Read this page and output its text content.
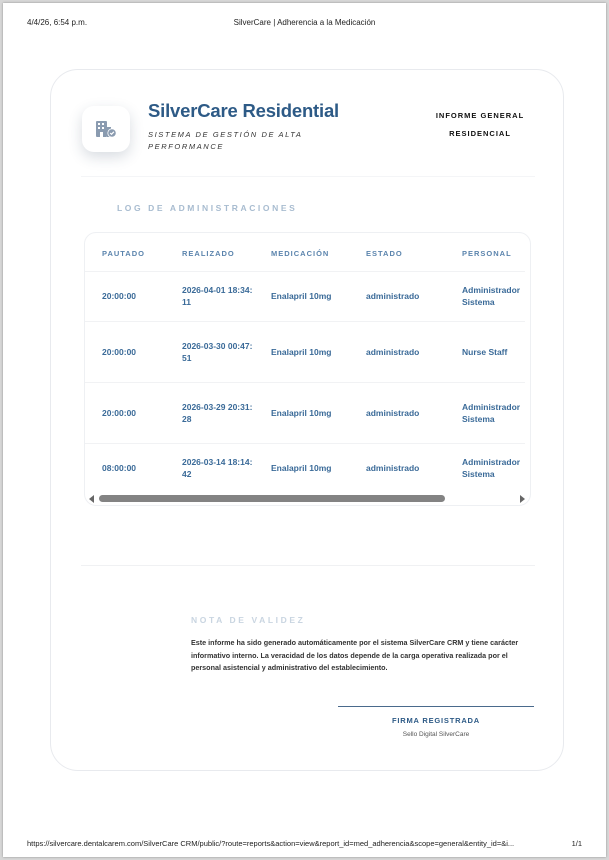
4/4/26, 6:54 p.m.	SilverCare | Adherencia a la Medicación
SilverCare Residential
SISTEMA DE GESTIÓN DE ALTA PERFORMANCE
INFORME GENERAL RESIDENCIAL
LOG DE ADMINISTRACIONES
PAUTADO	REALIZADO	MEDICACIÓN	ESTADO	PERSONAL
20:00:00	2026-04-01 18:34:11	Enalapril 10mg	administrado	Administrador Sistema
20:00:00	2026-03-30 00:47:51	Enalapril 10mg	administrado	Nurse Staff
20:00:00	2026-03-29 20:31:28	Enalapril 10mg	administrado	Administrador Sistema
08:00:00	2026-03-14 18:14:42	Enalapril 10mg	administrado	Administrador Sistema
NOTA DE VALIDEZ
Este informe ha sido generado automáticamente por el sistema SilverCare CRM y tiene carácter informativo interno. La veracidad de los datos depende de la carga operativa realizada por el personal asistencial y administrativo del establecimiento.
FIRMA REGISTRADA
Sello Digital SilverCare
https://silvercare.dentalcarem.com/SilverCare CRM/public/?route=reports&action=view&report_id=med_adherencia&scope=general&entity_id=&i...	1/1
